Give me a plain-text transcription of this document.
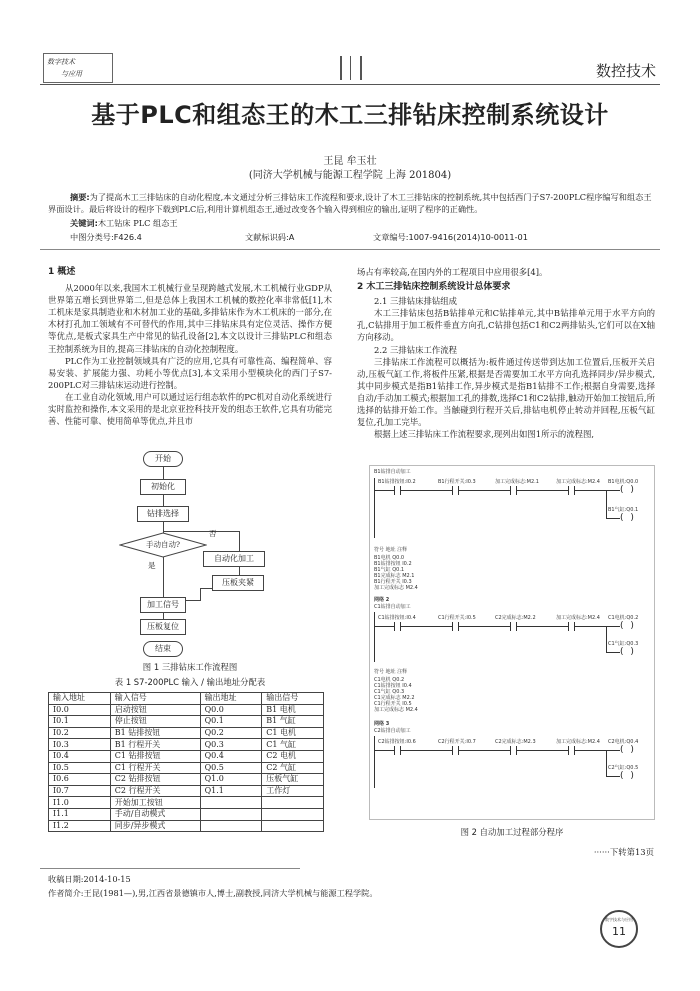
数字技术
与应用	数控技术
基于PLC和组态王的木工三排钻床控制系统设计
王昆 牟玉壮
(同济大学机械与能源工程学院 上海 201804)
摘要:为了提高木工三排钻床的自动化程度,本文通过分析三排钻床工作流程和要求,设计了木工三排钻床的控制系统,其中包括西门子S7-200PLC程序编写和组态王界面设计。最后将设计的程序下载到PLC后,利用计算机组态王,通过改变各个输入得到相应的输出,证明了程序的正确性。
关键词:木工钻床 PLC 组态王
中图分类号:F426.4	文献标识码:A	文章编号:1007-9416(2014)10-0011-01
1 概述

从2000年以来,我国木工机械行业呈现跨越式发展,木工机械行业GDP从世界第五增长到世界第二,但是总体上我国木工机械的数控化率非常低[1],木工机床是家具制造业和木材加工业的基础,多排钻床作为木工机床的一部分,在木材打孔加工领域有不可替代的作用,其中三排钻床具有定位灵活、操作方便等优点,是板式家具生产中常见的钻孔设备[2],本文以设计三排钻PLC和组态王控制系统为目的,提高三排钻床的自动化控制程度。

PLC作为工业控制领域具有广泛的应用,它具有可靠性高、编程简单、容易安装、扩展能力强、功耗小等优点[3],本文采用小型模块化的西门子S7-200PLC对三排钻床运动进行控制。

在工业自动化领域,用户可以通过运行组态软件的PC机对自动化系统进行实时监控和操作,本文采用的是北京亚控科技开发的组态王软件,它具有功能完善、性能可靠、使用简单等优点,并且市

开始
初始化
钻排选择
手动自动?
否
是
自动化加工
压板夹紧
加工信号
压板复位
结束
图 1 三排钻床工作流程图
表 1 S7-200PLC 输入 / 输出地址分配表
输入地址	输入信号	输出地址	输出信号
I0.0	启动按钮	Q0.0	B1 电机
I0.1	停止按钮	Q0.1	B1 气缸
I0.2	B1 钻排按钮	Q0.2	C1 电机
I0.3	B1 行程开关	Q0.3	C1 气缸
I0.4	C1 钻排按钮	Q0.4	C2 电机
I0.5	C1 行程开关	Q0.5	C2 气缸
I0.6	C2 钻排按钮	Q1.0	压板气缸
I0.7	C2 行程开关	Q1.1	工作灯
I1.0	开始加工按钮		
I1.1	手动/自动模式		
I1.2	同步/异步模式		
场占有率较高,在国内外的工程项目中应用很多[4]。
2 木工三排钻床控制系统设计总体要求
2.1 三排钻床排钻组成

木工三排钻床包括B钻排单元和C钻排单元,其中B钻排单元用于水平方向的孔,C钻排用于加工板件垂直方向孔,C钻排包括C1和C2两排钻头,它们可以在X轴方向移动。

2.2 三排钻床工作流程

三排钻床工作流程可以概括为:板件通过传送带到达加工位置后,压板开关启动,压板气缸工作,将板件压紧,根据是否需要加工水平方向孔选择同步/异步模式,其中同步模式是指B1钻排工作,异步模式是指B1钻排不工作;根据自身需要,选择自动/手动加工模式;根据加工孔的排数,选择C1和C2钻排,触动开始加工按钮后,所选择的钻排开始工作。当触碰到行程开关后,排钻电机停止转动并回程,压板气缸复位,孔加工完毕。

根据上述三排钻床工作流程要求,现列出如图1所示的流程图,

B1钻排自动加工
B1钻排按钮:I0.2	B1行程开关:I0.3	加工完成标志:M2.1	加工完成标志:M2.4 B1电机:Q0.0
( )
B1气缸:Q0.1
( )
符号 地址 注释
B1电机 Q0.0
B1钻排按钮 I0.2
B1气缸 Q0.1
B1完成标志 M2.1
B1行程开关 I0.3
加工完成标志 M2.4
网络 2
C1钻排自动加工
C1钻排按钮:I0.4	C1行程开关:I0.5	C2完成标志:M2.2	加工完成标志:M2.4 C1电机:Q0.2
( )
C1气缸:Q0.3
( )
符号 地址 注释
C1电机 Q0.2
C1钻排按钮 I0.4
C1气缸 Q0.3
C1完成标志 M2.2
C1行程开关 I0.5
加工完成标志 M2.4
网络 3
C2钻排自动加工
C2钻排按钮:I0.6	C2行程开关:I0.7	C2完成标志:M2.3	加工完成标志:M2.4 C2电机:Q0.4
( )
C2气缸:Q0.5
( )
图 2 自动加工过程部分程序
······下转第13页
收稿日期:2014-10-15
作者简介:王昆(1981—),男,江西省景德镇市人,博士,副教授,同济大学机械与能源工程学院。
数字技术与应用
11
